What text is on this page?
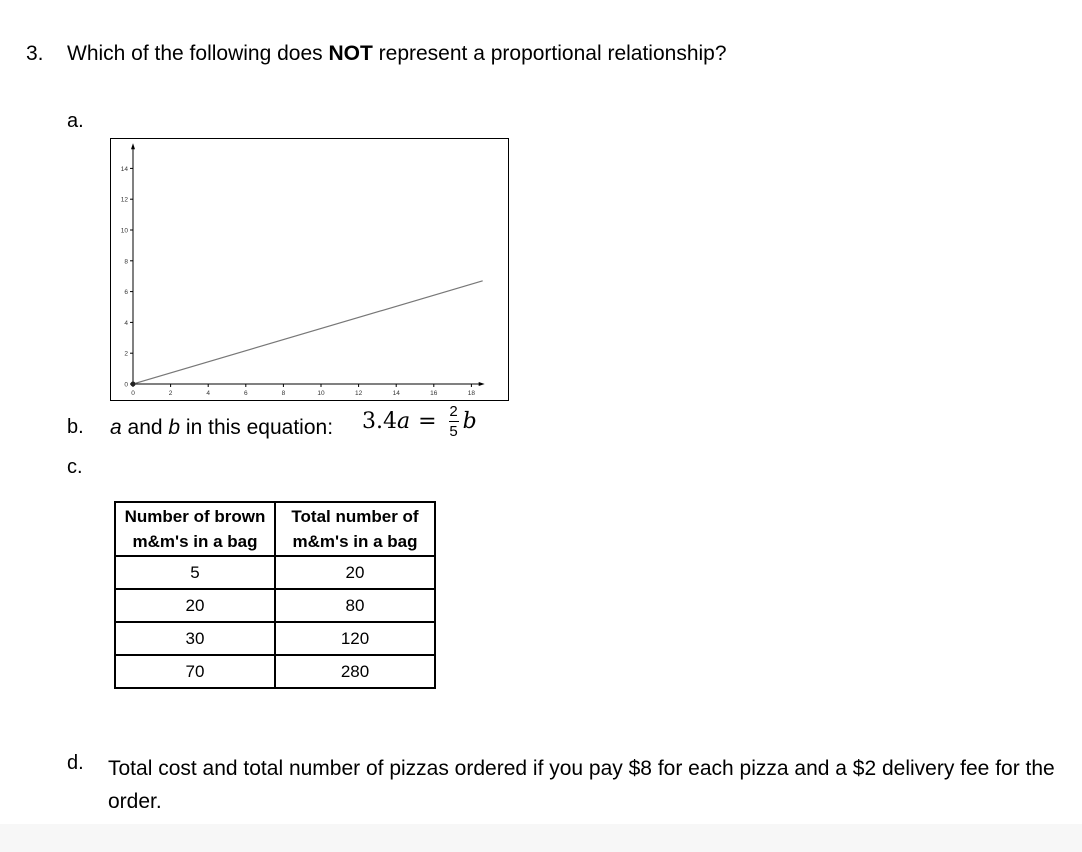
3. Which of the following does NOT represent a proportional relationship?
a.
0	2	4	6	8	10	12	14	16	18
0
2
4
6
8
10
12
14
b. a and b in this equation: 3.4 $a = \frac{2}{5}$ b
c.
Number of brown m&m's in a bag	Total number of m&m's in a bag
5	20
20	80
30	120
70	280
d. Total cost and total number of pizzas ordered if you pay $8 for each pizza and a $2 delivery fee for the order.
